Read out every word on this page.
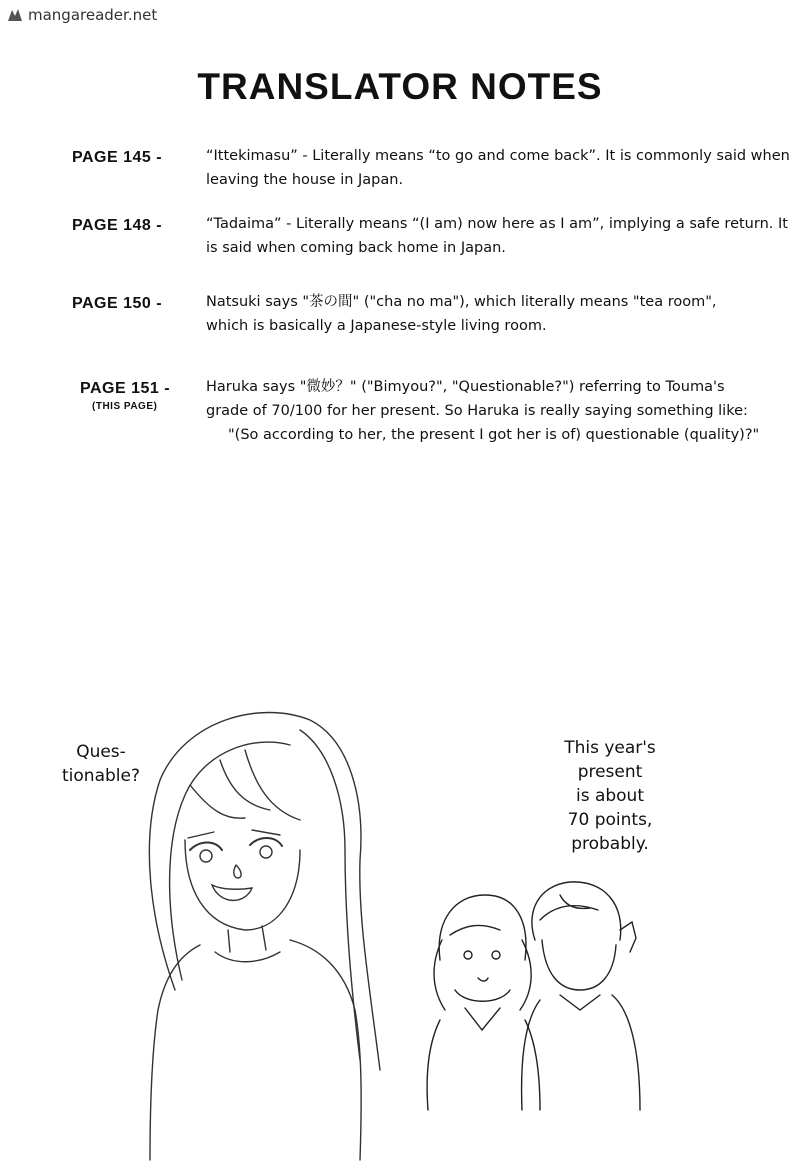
mangareader.net
TRANSLATOR NOTES
PAGE 145 -	“Ittekimasu” - Literally means “to go and come back”. It is commonly said when
leaving the house in Japan.
PAGE 148 -	“Tadaima” - Literally means “(I am) now here as I am”, implying a safe return. It
is said when coming back home in Japan.
PAGE 150 -	Natsuki says "茶の間" ("cha no ma"), which literally means "tea room",
which is basically a Japanese-style living room.
PAGE 151 -
(THIS PAGE)
Haruka says "微妙？" ("Bimyou?", "Questionable?") referring to Touma's
grade of 70/100 for her present. So Haruka is really saying something like:
"(So according to her, the present I got her is of) questionable (quality)?"
Ques-
tionable?
This year's
present
is about
70 points,
probably.
